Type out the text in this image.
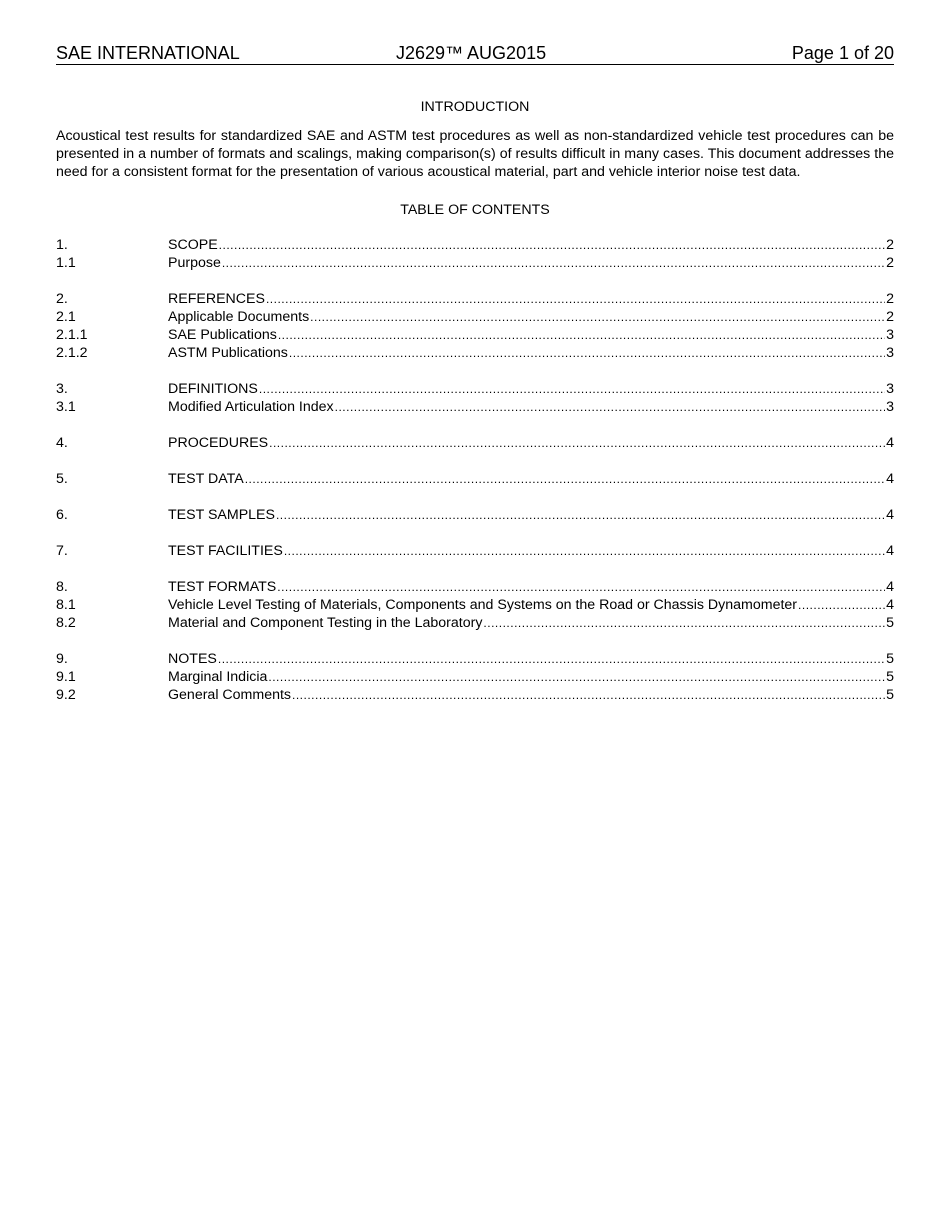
SAE INTERNATIONAL	J2629™ AUG2015	Page 1 of 20
INTRODUCTION
Acoustical test results for standardized SAE and ASTM test procedures as well as non-standardized vehicle test procedures can be presented in a number of formats and scalings, making comparison(s) of results difficult in many cases. This document addresses the need for a consistent format for the presentation of various acoustical material, part and vehicle interior noise test data.
TABLE OF CONTENTS
1.	SCOPE .....	2
1.1	Purpose .....	2
2.	REFERENCES .....	2
2.1	Applicable Documents .....	2
2.1.1	SAE Publications .....	3
2.1.2	ASTM Publications .....	3
3.	DEFINITIONS .....	3
3.1	Modified Articulation Index .....	3
4.	PROCEDURES .....	4
5.	TEST DATA .....	4
6.	TEST SAMPLES .....	4
7.	TEST FACILITIES .....	4
8.	TEST FORMATS .....	4
8.1	Vehicle Level Testing of Materials, Components and Systems on the Road or Chassis Dynamometer .....	4
8.2	Material and Component Testing in the Laboratory .....	5
9.	NOTES .....	5
9.1	Marginal Indicia .....	5
9.2	General Comments .....	5
